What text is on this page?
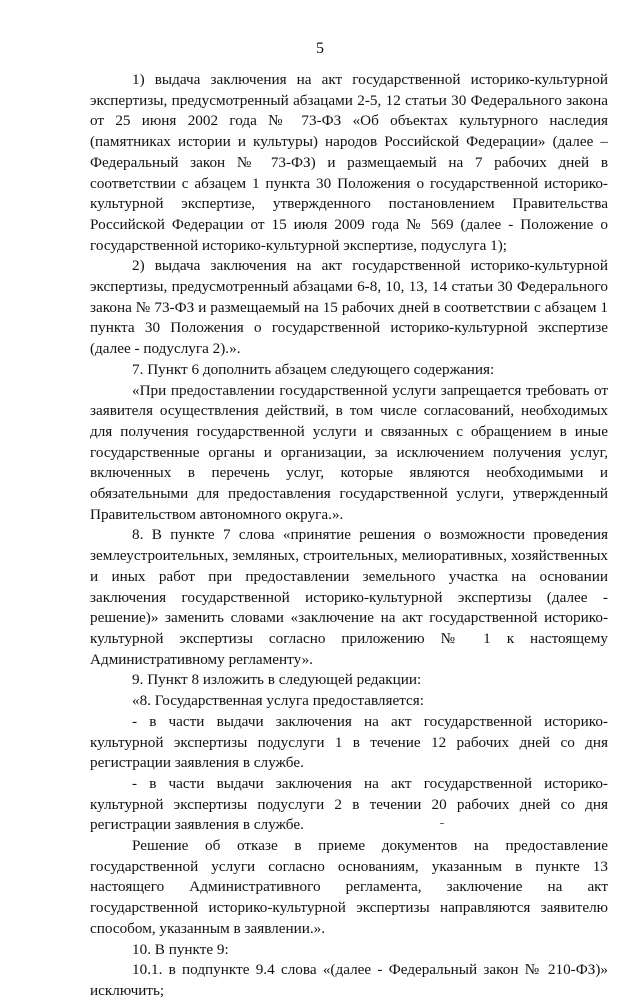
5

1) выдача заключения на акт государственной историко-культурной экспертизы, предусмотренный абзацами 2-5, 12 статьи 30 Федерального закона от 25 июня 2002 года № 73-ФЗ «Об объектах культурного наследия (памятниках истории и культуры) народов Российской Федерации» (далее – Федеральный закон № 73-ФЗ) и размещаемый на 7 рабочих дней в соответствии с абзацем 1 пункта 30 Положения о государственной историко-культурной экспертизе, утвержденного постановлением Правительства Российской Федерации от 15 июля 2009 года № 569 (далее - Положение о государственной историко-культурной экспертизе, подуслуга 1);

2) выдача заключения на акт государственной историко-культурной экспертизы, предусмотренный абзацами 6-8, 10, 13, 14 статьи 30 Федерального закона № 73-ФЗ и размещаемый на 15 рабочих дней в соответствии с абзацем 1 пункта 30 Положения о государственной историко-культурной экспертизе (далее - подуслуга 2).».

7. Пункт 6 дополнить абзацем следующего содержания:

«При предоставлении государственной услуги запрещается требовать от заявителя осуществления действий, в том числе согласований, необходимых для получения государственной услуги и связанных с обращением в иные государственные органы и организации, за исключением получения услуг, включенных в перечень услуг, которые являются необходимыми и обязательными для предоставления государственной услуги, утвержденный Правительством автономного округа.».

8. В пункте 7 слова «принятие решения о возможности проведения землеустроительных, земляных, строительных, мелиоративных, хозяйственных и иных работ при предоставлении земельного участка на основании заключения государственной историко-культурной экспертизы (далее - решение)» заменить словами «заключение на акт государственной историко-культурной экспертизы согласно приложению № 1 к настоящему Административному регламенту».

9. Пункт 8 изложить в следующей редакции:

«8. Государственная услуга предоставляется:

- в части выдачи заключения на акт государственной историко-культурной экспертизы подуслуги 1 в течение 12 рабочих дней со дня регистрации заявления в службе.

- в части выдачи заключения на акт государственной историко-культурной экспертизы подуслуги 2 в течении 20 рабочих дней со дня регистрации заявления в службе.

Решение об отказе в приеме документов на предоставление государственной услуги согласно основаниям, указанным в пункте 13 настоящего Административного регламента, заключение на акт государственной историко-культурной экспертизы направляются заявителю способом, указанным в заявлении.».

10. В пункте 9:

10.1. в подпункте 9.4 слова «(далее - Федеральный закон № 210-ФЗ)» исключить;
